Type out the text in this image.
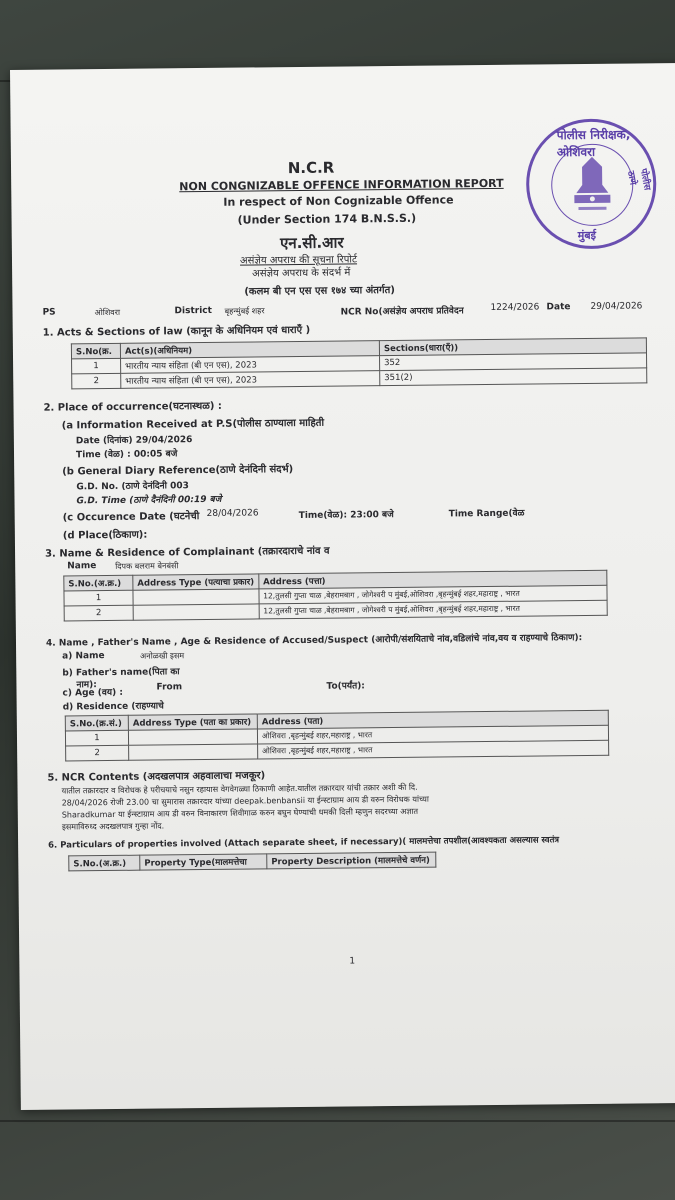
N.C.R
NON CONGNIZABLE OFFENCE INFORMATION REPORT
In respect of Non Cognizable Offence
(Under Section 174 B.N.S.S.)
एन.सी.आर
असंज्ञेय अपराध की सूचना रिपोर्ट
असंज्ञेय अपराध के संदर्भ में
(कलम बी एन एस एस १७४ च्या अंतर्गत)
पोलीस निरीक्षक, ओशिवरा
मुंबई
पोलीस ठाणे
PS	ओशिवरा	District बृहन्मुंबई शहर	NCR No(असंज्ञेय अपराध प्रतिवेदन	1224/2026 Date 29/04/2026
1. Acts & Sections of law (कानून के अधिनियम एवं धाराएँ )
S.No(क्र.	Act(s)(अधिनियम)	Sections(धारा(एँ))
1	भारतीय न्याय संहिता (बी एन एस), 2023	352
2	भारतीय न्याय संहिता (बी एन एस), 2023	351(2)
2. Place of occurrence(घटनास्थळ) :
(a Information Received at P.S(पोलीस ठाण्याला माहिती
Date (दिनांक) 29/04/2026
Time (वेळ) : 00:05 बजे
(b General Diary Reference(ठाणे देनंदिनी संदर्भ)
G.D. No. (ठाणे देनंदिनी 003
G.D. Time (ठाणे दैनंदिनी 00:19 बजे
(c Occurence Date (घटनेची 28/04/2026	Time(वेळ): 23:00 बजे	Time Range(वेळ
(d Place(ठिकाण):
3. Name & Residence of Complainant (तक्रारदाराचे नांव व
Name दिपक बलराम बेनबंसी
S.No.(अ.क्र.)	Address Type (पत्याचा प्रकार)	Address (पत्ता)
1		12,तुलसी गुप्ता चाळ ,बेहरामबाग , जोगेश्वरी प मुंबई,ओशिवरा ,बृहन्मुंबई शहर,महाराष्ट्र , भारत
2		12,तुलसी गुप्ता चाळ ,बेहरामबाग , जोगेश्वरी प मुंबई,ओशिवरा ,बृहन्मुंबई शहर,महाराष्ट्र , भारत
4. Name , Father's Name , Age & Residence of Accused/Suspect (आरोपी/संशयिताचे नांव,वडिलांचे नांव,वय व राहण्याचे ठिकाण):
a) Name	अनोळखी इसम
b) Father's name(पिता का
नाम):
c) Age (वय) :
From	To(पर्यंत):
d) Residence (राहण्याचे
S.No.(क्र.सं.)	Address Type (पता का प्रकार)	Address (पता)
1		ओशिवरा ,बृहन्मुंबई शहर,महाराष्ट्र , भारत
2		ओशिवरा ,बृहन्मुंबई शहर,महाराष्ट्र , भारत
5. NCR Contents (अदखलपात्र अहवालाचा मजकूर)
यातील तक्रारदार व विरोधक हे परीचयाचे नसुन रहायास वेगवेगळ्या ठिकाणी आहेत.यातील तक्रारदार यांची तक्रार अशी की दि.
28/04/2026 रोजी 23.00 चा सुमारास तक्रारदार यांच्या deepak.benbansii या ईन्स्टाग्राम आय डी वरुन विरोधक यांच्या
Sharadkumar या ईन्स्टाग्राम आय डी वरुन विनाकारण शिवीगाळ करुन बघुन घेण्याची धमकी दिली म्हणुन सदरच्या अज्ञात
इसमाविरुध्द अदखलपात्र गुन्हा नोंद.
6. Particulars of properties involved (Attach separate sheet, if necessary)( मालमत्तेचा तपशील(आवश्यकता असल्यास स्वतंत्र
S.No.(अ.क्र.)	Property Type(मालमत्तेचा	Property Description (मालमत्तेचे वर्णन)
1
